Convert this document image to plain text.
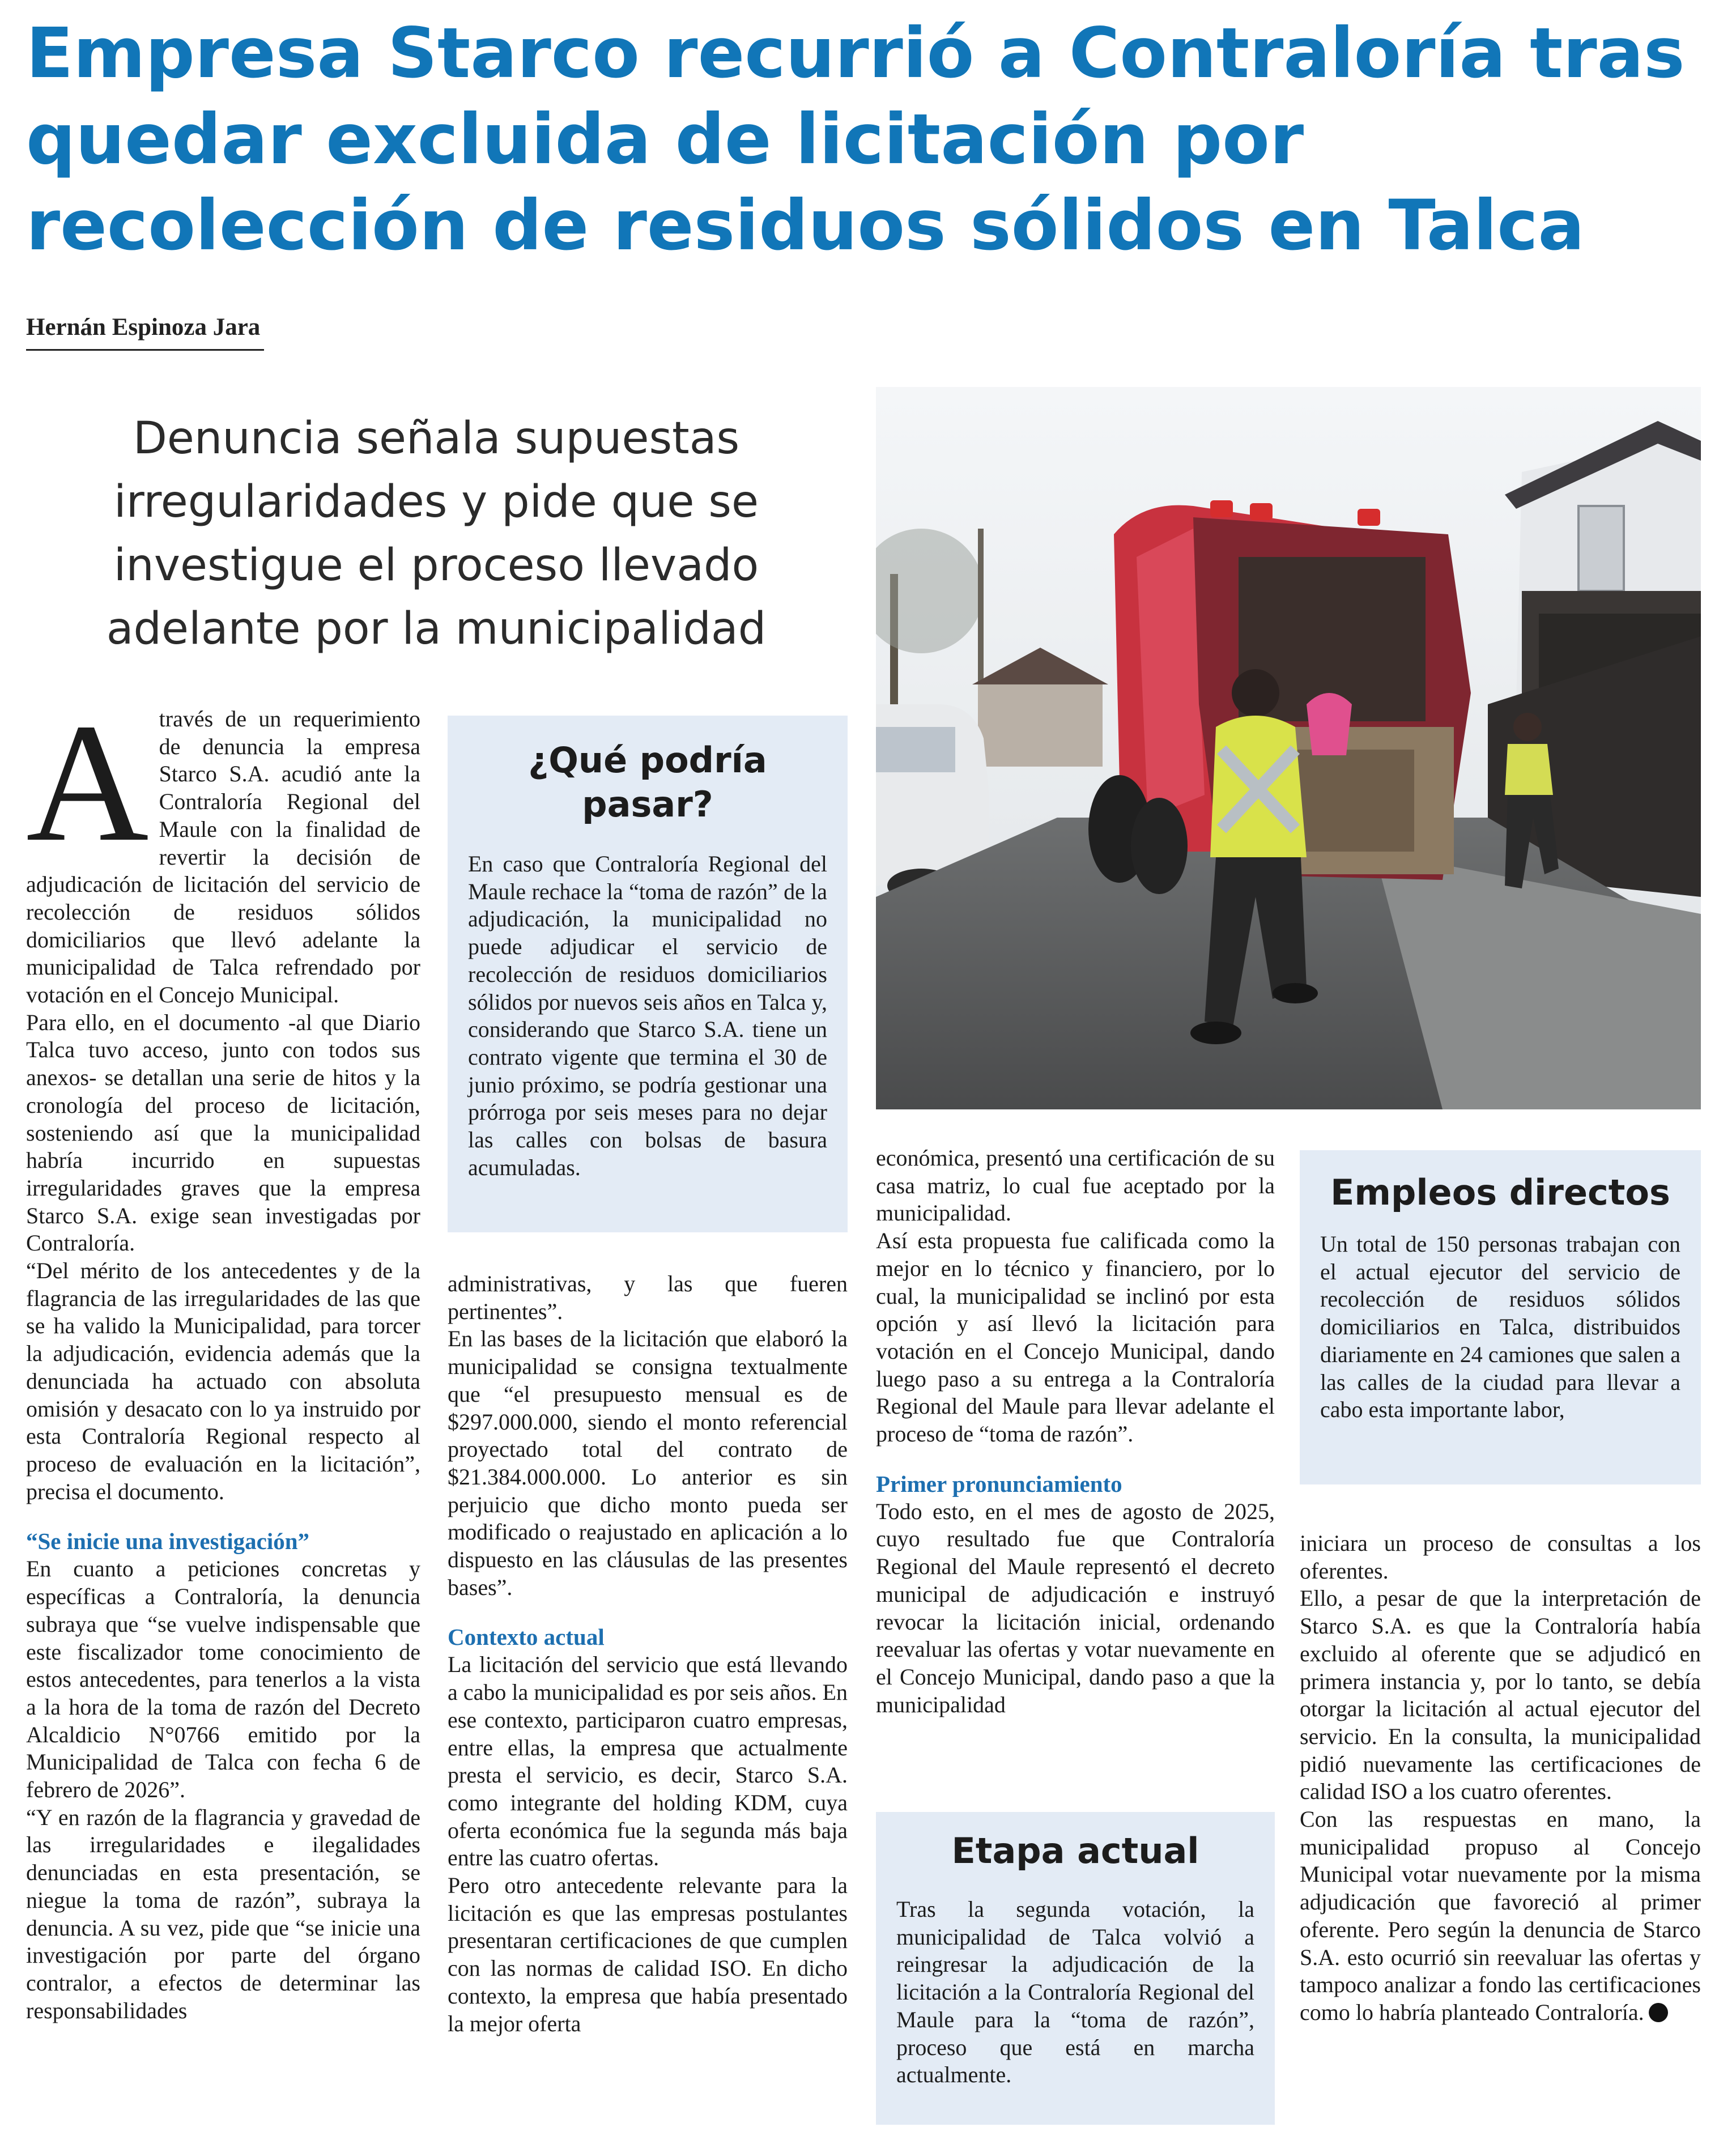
Empresa Starco recurrió a Contraloría tras quedar excluida de licitación por recolección de residuos sólidos en Talca
Hernán Espinoza Jara
Denuncia señala supuestas irregularidades y pide que se investigue el proceso llevado adelante por la municipalidad
A través de un requerimiento de denuncia la empresa Starco S.A. acudió ante la Contraloría Regional del Maule con la finalidad de revertir la decisión de adjudicación de licitación del servicio de recolección de residuos sólidos domiciliarios que llevó adelante la municipalidad de Talca refrendado por votación en el Concejo Municipal.

Para ello, en el documento -al que Diario Talca tuvo acceso, junto con todos sus anexos- se detallan una serie de hitos y la cronología del proceso de licitación, sosteniendo así que la municipalidad habría incurrido en supuestas irregularidades graves que la empresa Starco S.A. exige sean investigadas por Contraloría.

“Del mérito de los antecedentes y de la flagrancia de las irregularidades de las que se ha valido la Municipalidad, para torcer la adjudicación, evidencia además que la denunciada ha actuado con absoluta omisión y desacato con lo ya instruido por esta Contraloría Regional respecto al proceso de evaluación en la licitación”, precisa el documento.

“Se inicie una investigación”

En cuanto a peticiones concretas y específicas a Contraloría, la denuncia subraya que “se vuelve indispensable que este fiscalizador tome conocimiento de estos antecedentes, para tenerlos a la vista a la hora de la toma de razón del Decreto Alcaldicio N°0766 emitido por la Municipalidad de Talca con fecha 6 de febrero de 2026”.

“Y en razón de la flagrancia y gravedad de las irregularidades e ilegalidades denunciadas en esta presentación, se niegue la toma de razón”, subraya la denuncia. A su vez, pide que “se inicie una investigación por parte del órgano contralor, a efectos de determinar las responsabilidades

¿Qué podría pasar?
En caso que Contraloría Regional del Maule rechace la “toma de razón” de la adjudicación, la municipalidad no puede adjudicar el servicio de recolección de residuos domiciliarios sólidos por nuevos seis años en Talca y, considerando que Starco S.A. tiene un contrato vigente que termina el 30 de junio próximo, se podría gestionar una prórroga por seis meses para no dejar las calles con bolsas de basura acumuladas.

administrativas, y las que fueren pertinentes”.

En las bases de la licitación que elaboró la municipalidad se consigna textualmente que “el presupuesto mensual es de $297.000.000, siendo el monto referencial proyectado total del contrato de $21.384.000.000. Lo anterior es sin perjuicio que dicho monto pueda ser modificado o reajustado en aplicación a lo dispuesto en las cláusulas de las presentes bases”.

Contexto actual

La licitación del servicio que está llevando a cabo la municipalidad es por seis años. En ese contexto, participaron cuatro empresas, entre ellas, la empresa que actualmente presta el servicio, es decir, Starco S.A. como integrante del holding KDM, cuya oferta económica fue la segunda más baja entre las cuatro ofertas.

Pero otro antecedente relevante para la licitación es que las empresas postulantes presentaran certificaciones de que cumplen con las normas de calidad ISO. En dicho contexto, la empresa que había presentado la mejor oferta

económica, presentó una certificación de su casa matriz, lo cual fue aceptado por la municipalidad.

Así esta propuesta fue calificada como la mejor en lo técnico y financiero, por lo cual, la municipalidad se inclinó por esta opción y así llevó la licitación para votación en el Concejo Municipal, dando luego paso a su entrega a la Contraloría Regional del Maule para llevar adelante el proceso de “toma de razón”.

Primer pronunciamiento

Todo esto, en el mes de agosto de 2025, cuyo resultado fue que Contraloría Regional del Maule representó el decreto municipal de adjudicación e instruyó revocar la licitación inicial, ordenando reevaluar las ofertas y votar nuevamente en el Concejo Municipal, dando paso a que la municipalidad

Empleos directos
Un total de 150 personas trabajan con el actual ejecutor del servicio de recolección de residuos sólidos domiciliarios en Talca, distribuidos diariamente en 24 camiones que salen a las calles de la ciudad para llevar a cabo esta importante labor,
Etapa actual
Tras la segunda votación, la municipalidad de Talca volvió a reingresar la adjudicación de la licitación a la Contraloría Regional del Maule para la “toma de razón”, proceso que está en marcha actualmente.

iniciara un proceso de consultas a los oferentes.

Ello, a pesar de que la interpretación de Starco S.A. es que la Contraloría había excluido al oferente que se adjudicó en primera instancia y, por lo tanto, se debía otorgar la licitación al actual ejecutor del servicio. En la consulta, la municipalidad pidió nuevamente las certificaciones de calidad ISO a los cuatro oferentes.

Con las respuestas en mano, la municipalidad propuso al Concejo Municipal votar nuevamente por la misma adjudicación que favoreció al primer oferente. Pero según la denuncia de Starco S.A. esto ocurrió sin reevaluar las ofertas y tampoco analizar a fondo las certificaciones como lo habría planteado Contraloría.
